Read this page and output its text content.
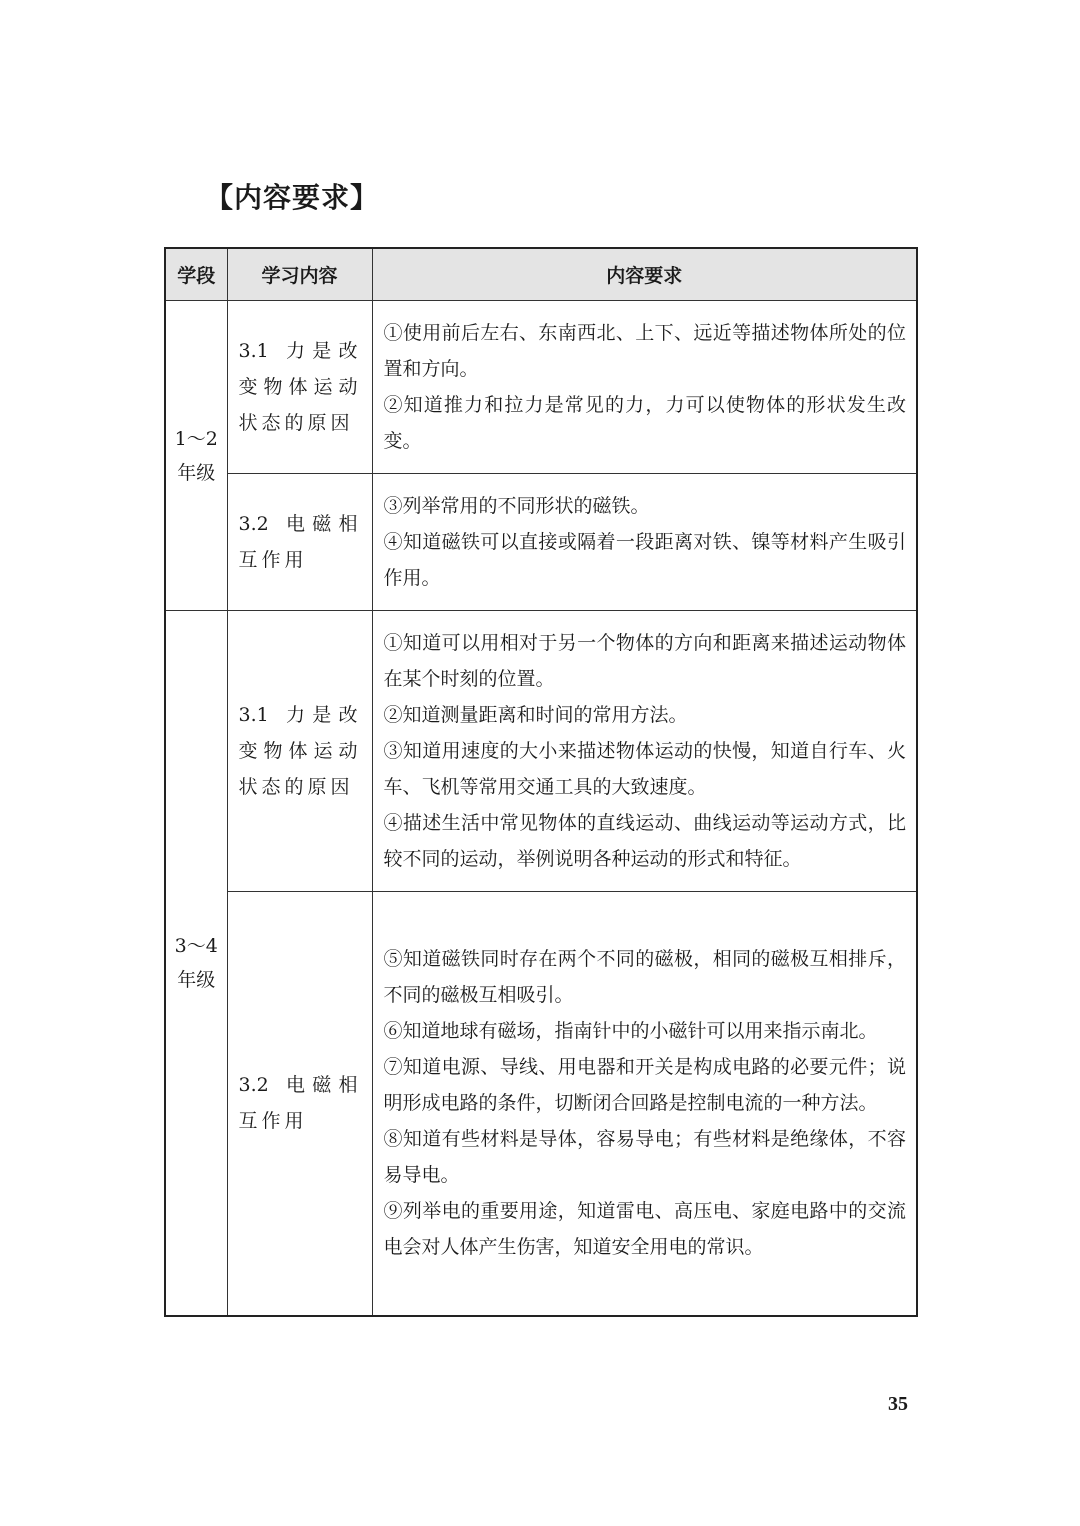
【内容要求】
学段	学习内容	内容要求
1～2年级	3.1 力是改变物体运动状态的原因	①使用前后左右、东南西北、上下、远近等描述物体所处的位置和方向。

②知道推力和拉力是常见的力，力可以使物体的形状发生改变。

	3.2 电磁相互作用	③列举常用的不同形状的磁铁。

④知道磁铁可以直接或隔着一段距离对铁、镍等材料产生吸引作用。

3～4年级	3.1 力是改变物体运动状态的原因	①知道可以用相对于另一个物体的方向和距离来描述运动物体在某个时刻的位置。

②知道测量距离和时间的常用方法。

③知道用速度的大小来描述物体运动的快慢，知道自行车、火车、飞机等常用交通工具的大致速度。

④描述生活中常见物体的直线运动、曲线运动等运动方式，比较不同的运动，举例说明各种运动的形式和特征。

	3.2 电磁相互作用	⑤知道磁铁同时存在两个不同的磁极，相同的磁极互相排斥，不同的磁极互相吸引。

⑥知道地球有磁场，指南针中的小磁针可以用来指示南北。

⑦知道电源、导线、用电器和开关是构成电路的必要元件；说明形成电路的条件，切断闭合回路是控制电流的一种方法。

⑧知道有些材料是导体，容易导电；有些材料是绝缘体，不容易导电。

⑨列举电的重要用途，知道雷电、高压电、家庭电路中的交流电会对人体产生伤害，知道安全用电的常识。

35
